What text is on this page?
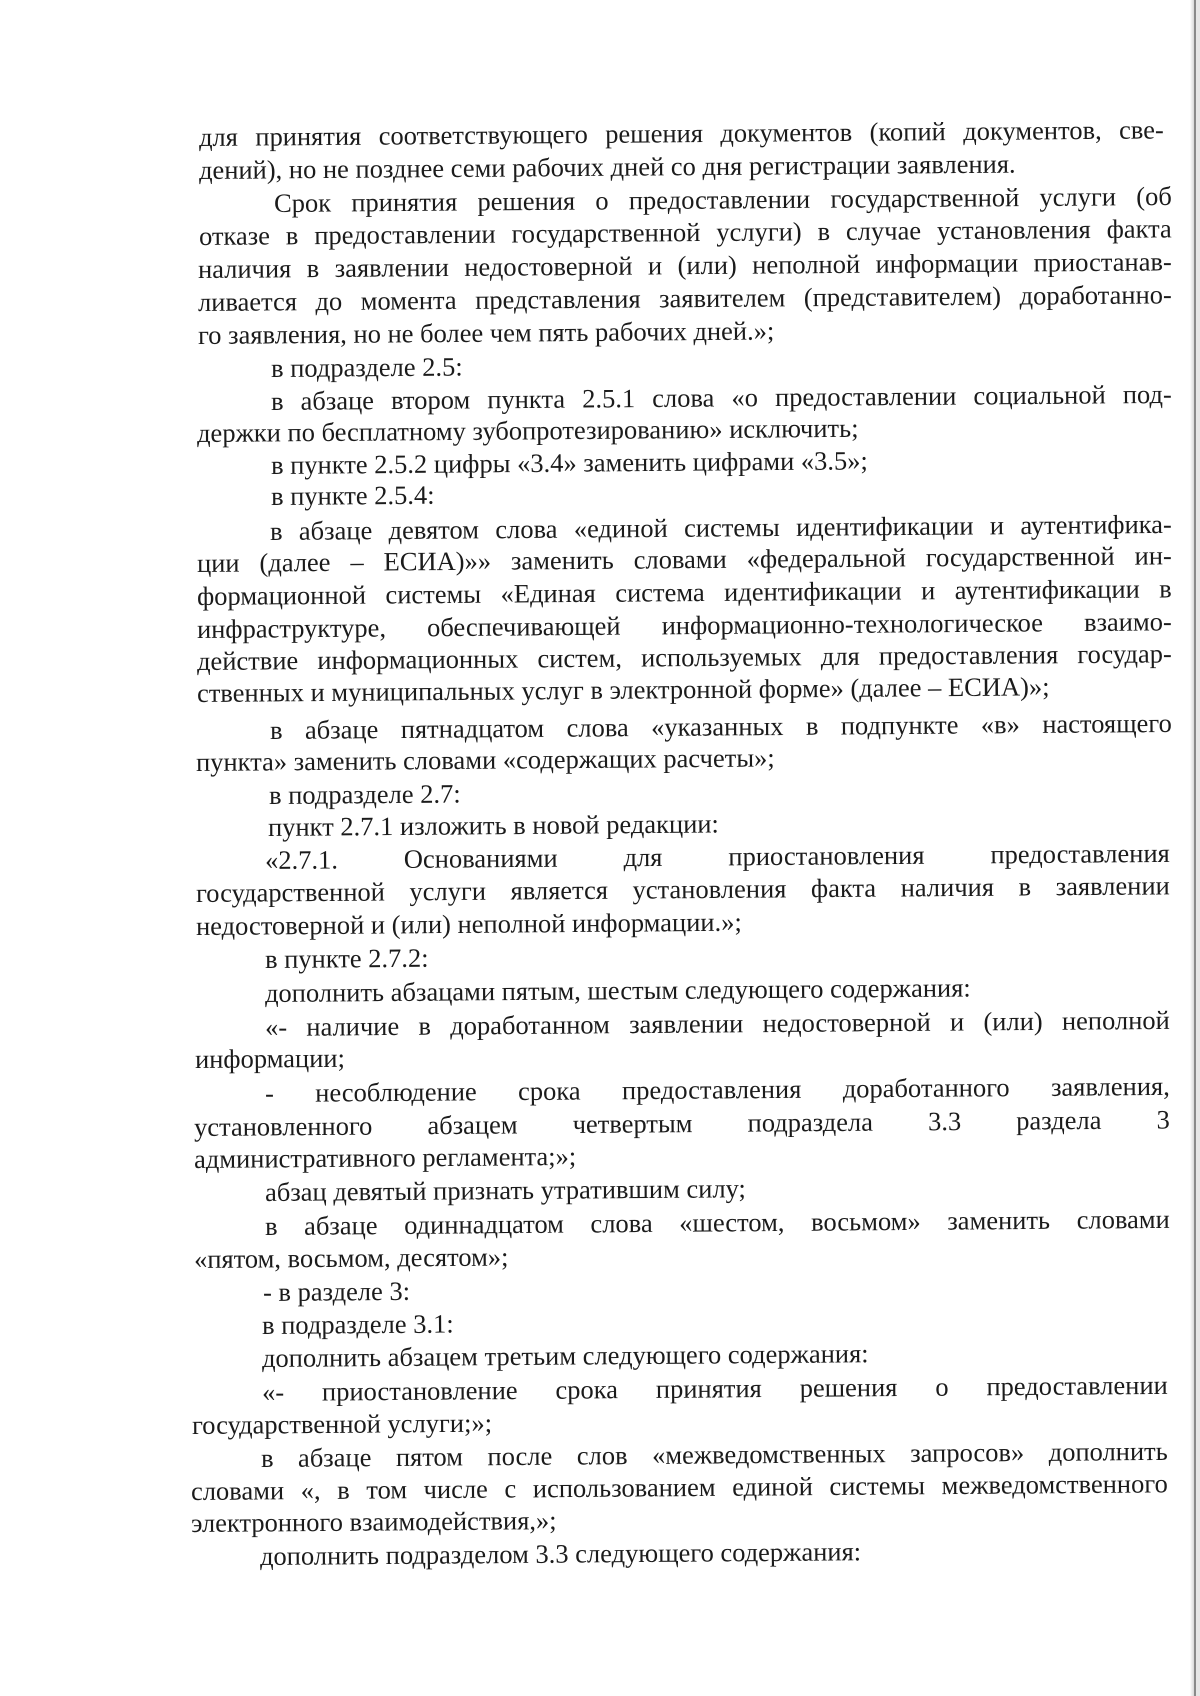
для принятия соответствующего решения документов (копий документов, све-
дений), но не позднее семи рабочих дней со дня регистрации заявления.
Срок принятия решения о предоставлении государственной услуги (об
отказе в предоставлении государственной услуги) в случае установления факта
наличия в заявлении недостоверной и (или) неполной информации приостанав-
ливается до момента представления заявителем (представителем) доработанно-
го заявления, но не более чем пять рабочих дней.»;
в подразделе 2.5:
в абзаце втором пункта 2.5.1 слова «о предоставлении социальной под-
держки по бесплатному зубопротезированию» исключить;
в пункте 2.5.2 цифры «3.4» заменить цифрами «3.5»;
в пункте 2.5.4:
в абзаце девятом слова «единой системы идентификации и аутентифика-
ции (далее – ЕСИА)»» заменить словами «федеральной государственной ин-
формационной системы «Единая система идентификации и аутентификации в
инфраструктуре, обеспечивающей информационно-технологическое взаимо-
действие информационных систем, используемых для предоставления государ-
ственных и муниципальных услуг в электронной форме» (далее – ЕСИА)»;
в абзаце пятнадцатом слова «указанных в подпункте «в» настоящего
пункта» заменить словами «содержащих расчеты»;
в подразделе 2.7:
пункт 2.7.1 изложить в новой редакции:
«2.7.1. Основаниями для приостановления предоставления
государственной услуги является установления факта наличия в заявлении
недостоверной и (или) неполной информации.»;
в пункте 2.7.2:
дополнить абзацами пятым, шестым следующего содержания:
«- наличие в доработанном заявлении недостоверной и (или) неполной
информации;
- несоблюдение срока предоставления доработанного заявления,
установленного абзацем четвертым подраздела 3.3 раздела 3
административного регламента;»;
абзац девятый признать утратившим силу;
в абзаце одиннадцатом слова «шестом, восьмом» заменить словами
«пятом, восьмом, десятом»;
- в разделе 3:
в подразделе 3.1:
дополнить абзацем третьим следующего содержания:
«- приостановление срока принятия решения о предоставлении
государственной услуги;»;
в абзаце пятом после слов «межведомственных запросов» дополнить
словами «, в том числе с использованием единой системы межведомственного
электронного взаимодействия,»;
дополнить подразделом 3.3 следующего содержания:
